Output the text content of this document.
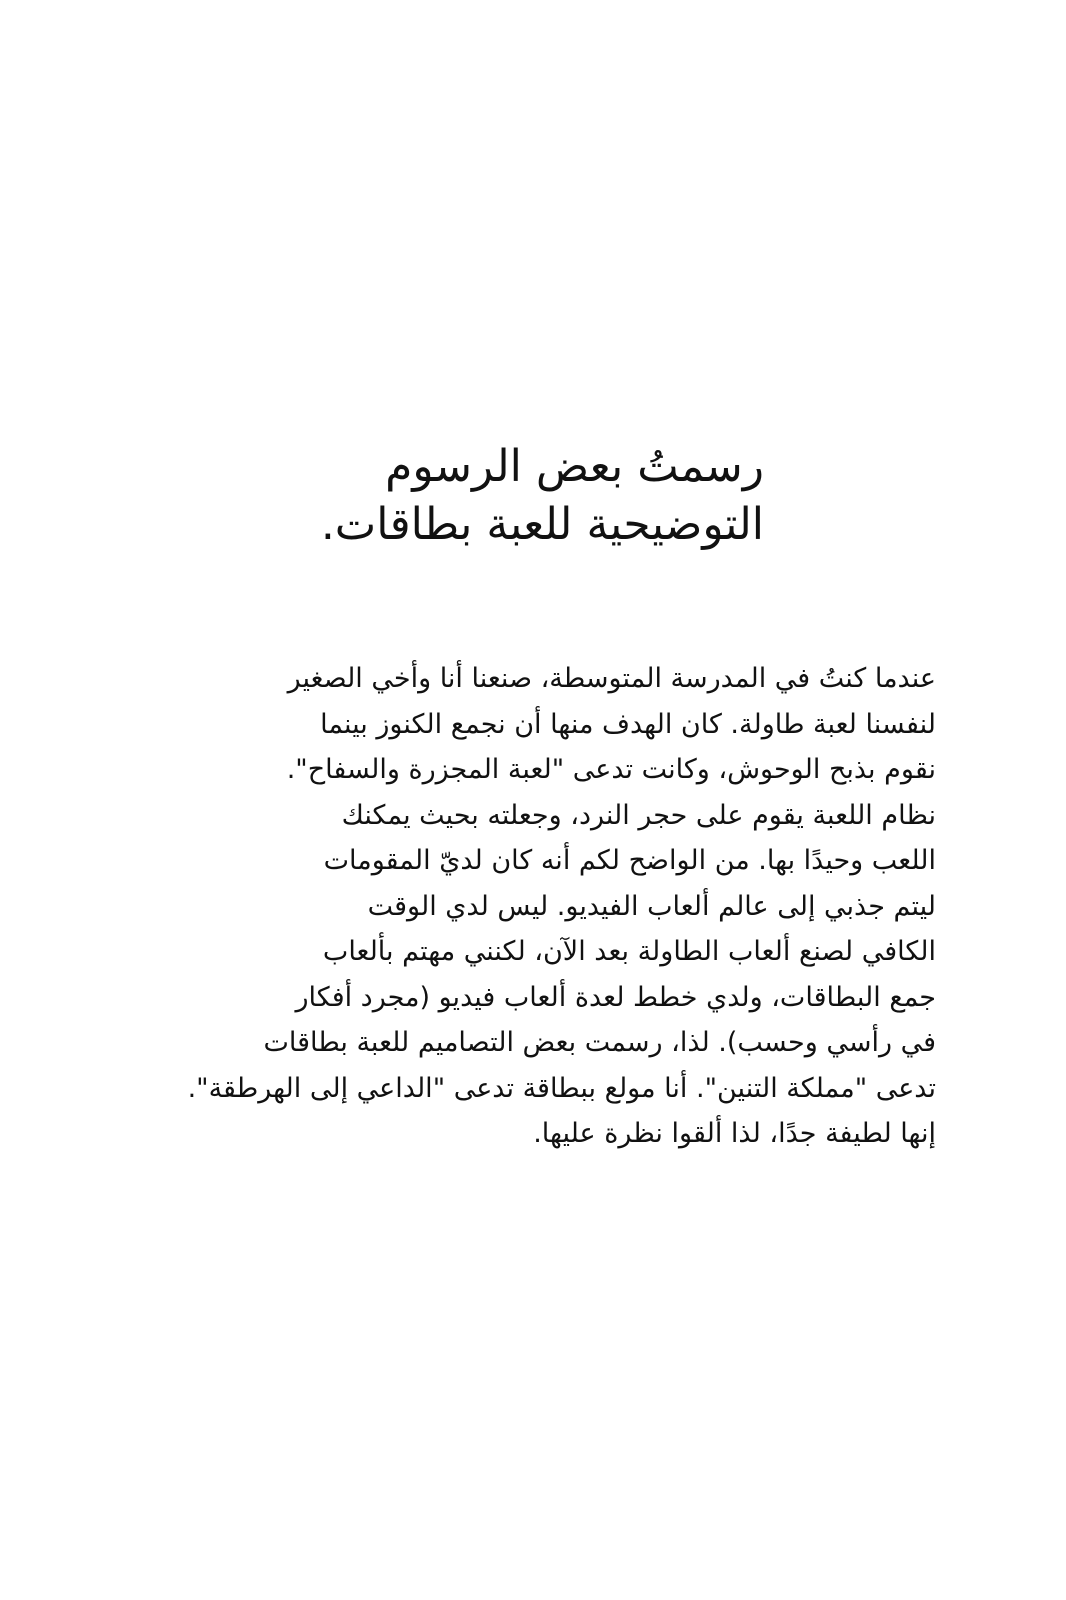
رسمتُ بعض الرسوم
التوضيحية للعبة بطاقات.

عندما كنتُ في المدرسة المتوسطة، صنعنا أنا وأخي الصغير
لنفسنا لعبة طاولة. كان الهدف منها أن نجمع الكنوز بينما
نقوم بذبح الوحوش، وكانت تدعى "لعبة المجزرة والسفاح".
نظام اللعبة يقوم على حجر النرد، وجعلته بحيث يمكنك
اللعب وحيدًا بها. من الواضح لكم أنه كان لديّ المقومات
ليتم جذبي إلى عالم ألعاب الفيديو. ليس لدي الوقت
الكافي لصنع ألعاب الطاولة بعد الآن، لكنني مهتم بألعاب
جمع البطاقات، ولدي خطط لعدة ألعاب فيديو (مجرد أفكار
في رأسي وحسب). لذا، رسمت بعض التصاميم للعبة بطاقات
تدعى "مملكة التنين". أنا مولع ببطاقة تدعى "الداعي إلى الهرطقة".
إنها لطيفة جدًا، لذا ألقوا نظرة عليها.
